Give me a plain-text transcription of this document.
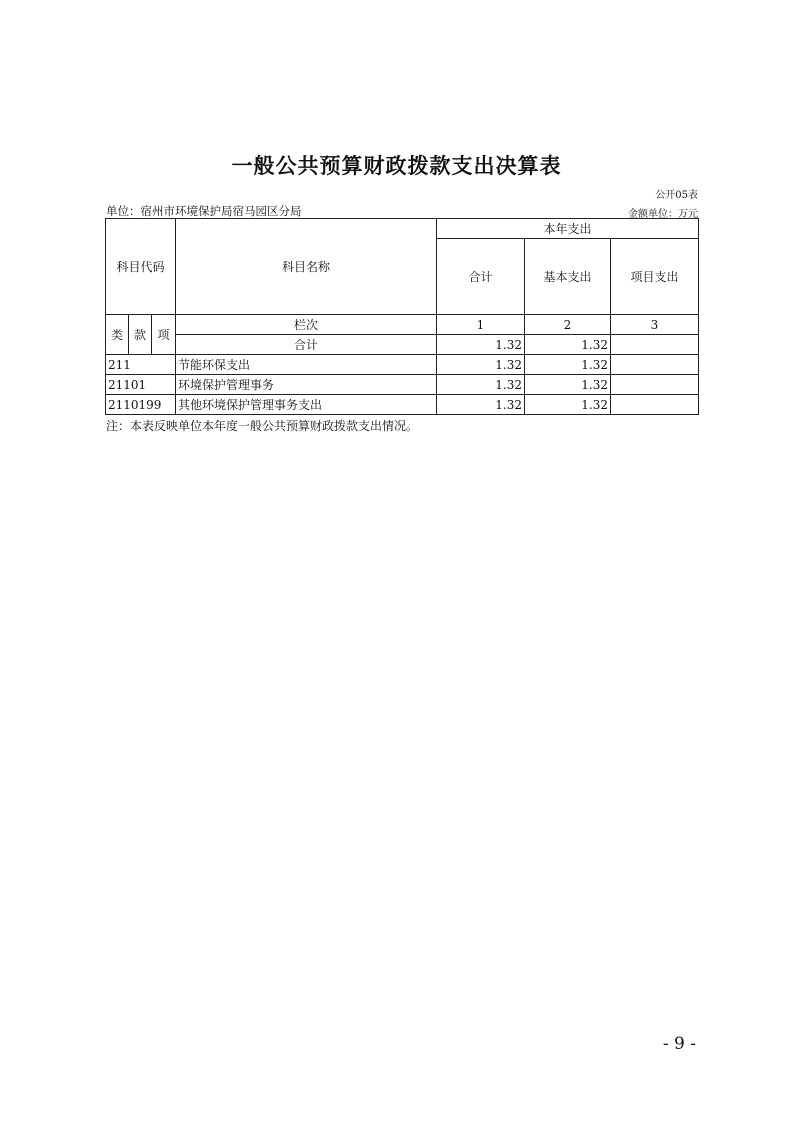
一般公共预算财政拨款支出决算表
公开05表
单位：宿州市环境保护局宿马园区分局	金额单位：万元
科目代码			科目名称	本年支出		
				合计	基本支出	项目支出
类	款	项	栏次	1	2	3
			合计	1.32	1.32	
211			节能环保支出	1.32	1.32	
21101			环境保护管理事务	1.32	1.32	
2110199			其他环境保护管理事务支出	1.32	1.32	
注：本表反映单位本年度一般公共预算财政拨款支出情况。
- 9 -
